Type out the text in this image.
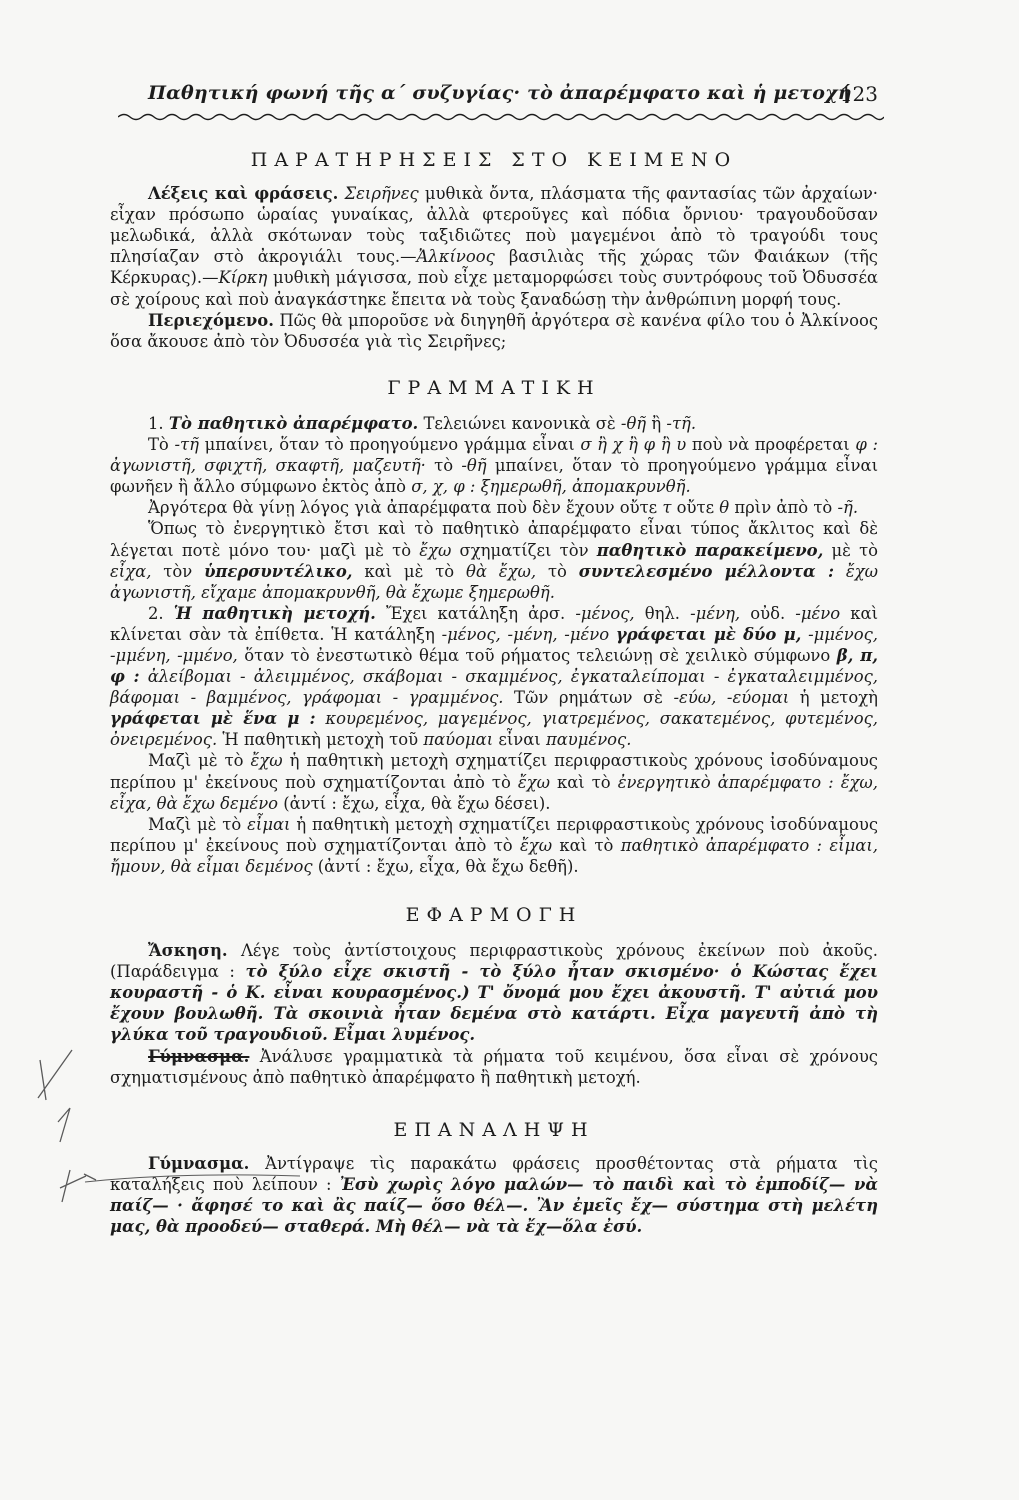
Παθητική φωνή τῆς α΄ συζυγίας· τὸ ἀπαρέμφατο καὶ ἡ μετοχή
123
ΠΑΡΑΤΗΡΗΣΕΙΣ ΣΤΟ ΚΕΙΜΕΝΟ

Λέξεις καὶ φράσεις. Σειρῆνες μυθικὰ ὄντα, πλάσματα τῆς φαντασίας τῶν ἀρχαίων· εἶχαν πρόσωπο ὡραίας γυναίκας, ἀλλὰ φτεροῦγες καὶ πόδια ὄρνιου· τραγουδοῦσαν μελωδικά, ἀλλὰ σκότωναν τοὺς ταξιδιῶτες ποὺ μαγεμένοι ἀπὸ τὸ τραγούδι τους πλησίαζαν στὸ ἀκρογιάλι τους.—Ἀλκίνοος βασιλιὰς τῆς χώρας τῶν Φαιάκων (τῆς Κέρκυρας).—Κίρκη μυθικὴ μάγισσα, ποὺ εἶχε μεταμορφώσει τοὺς συντρόφους τοῦ Ὀδυσσέα σὲ χοίρους καὶ ποὺ ἀναγκάστηκε ἔπειτα νὰ τοὺς ξαναδώσῃ τὴν ἀνθρώπινη μορφή τους.

Περιεχόμενο. Πῶς θὰ μποροῦσε νὰ διηγηθῆ ἀργότερα σὲ κανένα φίλο του ὁ Ἀλκίνοος ὅσα ἄκουσε ἀπὸ τὸν Ὀδυσσέα γιὰ τὶς Σειρῆνες;

ΓΡΑΜΜΑΤΙΚΗ

1. Τὸ παθητικὸ ἀπαρέμφατο. Τελειώνει κανονικὰ σὲ -θῆ ἢ -τῆ.

Τὸ -τῆ μπαίνει, ὅταν τὸ προηγούμενο γράμμα εἶναι σ ἢ χ ἢ φ ἢ υ ποὺ νὰ προφέρεται φ : ἀγωνιστῆ, σφιχτῆ, σκαφτῆ, μαζευτῆ· τὸ -θῆ μπαίνει, ὅταν τὸ προηγούμενο γράμμα εἶναι φωνῆεν ἢ ἄλλο σύμφωνο ἐκτὸς ἀπὸ σ, χ, φ : ξημερωθῆ, ἀπομακρυνθῆ.

Ἀργότερα θὰ γίνῃ λόγος γιὰ ἀπαρέμφατα ποὺ δὲν ἔχουν οὔτε τ οὔτε θ πρὶν ἀπὸ τὸ -ῆ.

Ὅπως τὸ ἐνεργητικὸ ἔτσι καὶ τὸ παθητικὸ ἀπαρέμφατο εἶναι τύπος ἄκλιτος καὶ δὲ λέγεται ποτὲ μόνο του· μαζὶ μὲ τὸ ἔχω σχηματίζει τὸν παθητικὸ παρακείμενο, μὲ τὸ εἶχα, τὸν ὑπερσυντέλικο, καὶ μὲ τὸ θὰ ἔχω, τὸ συντελεσμένο μέλλοντα : ἔχω ἀγωνιστῆ, εἴχαμε ἀπομακρυνθῆ, θὰ ἔχωμε ξημερωθῆ.

2. Ἡ παθητικὴ μετοχή. Ἔχει κατάληξη ἀρσ. -μένος, θηλ. -μένη, οὐδ. -μένο καὶ κλίνεται σὰν τὰ ἐπίθετα. Ἡ κατάληξη -μένος, -μένη, -μένο γράφεται μὲ δύο μ, -μμένος, -μμένη, -μμένο, ὅταν τὸ ἐνεστωτικὸ θέμα τοῦ ρήματος τελειώνῃ σὲ χειλικὸ σύμφωνο β, π, φ : ἀλείβομαι - ἀλειμμένος, σκάβομαι - σκαμμένος, ἐγκαταλείπομαι - ἐγκαταλειμμένος, βάφομαι - βαμμένος, γράφομαι - γραμμένος. Τῶν ρημάτων σὲ -εύω, -εύομαι ἡ μετοχὴ γράφεται μὲ ἕνα μ : κουρεμένος, μαγεμένος, γιατρεμένος, σακατεμένος, φυτεμένος, ὀνειρεμένος. Ἡ παθητικὴ μετοχὴ τοῦ παύομαι εἶναι παυμένος.

Μαζὶ μὲ τὸ ἔχω ἡ παθητικὴ μετοχὴ σχηματίζει περιφραστικοὺς χρόνους ἰσοδύναμους περίπου μ' ἐκείνους ποὺ σχηματίζονται ἀπὸ τὸ ἔχω καὶ τὸ ἐνεργητικὸ ἀπαρέμφατο : ἔχω, εἶχα, θὰ ἔχω δεμένο (ἀντί : ἔχω, εἶχα, θὰ ἔχω δέσει).

Μαζὶ μὲ τὸ εἶμαι ἡ παθητικὴ μετοχὴ σχηματίζει περιφραστικοὺς χρόνους ἰσοδύναμους περίπου μ' ἐκείνους ποὺ σχηματίζονται ἀπὸ τὸ ἔχω καὶ τὸ παθητικὸ ἀπαρέμφατο : εἶμαι, ἤμουν, θὰ εἶμαι δεμένος (ἀντί : ἔχω, εἶχα, θὰ ἔχω δεθῆ).

ΕΦΑΡΜΟΓΗ

Ἄσκηση. Λέγε τοὺς ἀντίστοιχους περιφραστικοὺς χρόνους ἐκείνων ποὺ ἀκοῦς. (Παράδειγμα : τὸ ξύλο εἶχε σκιστῆ - τὸ ξύλο ἦταν σκισμένο· ὁ Κώστας ἔχει κουραστῆ - ὁ Κ. εἶναι κουρασμένος.) Τ' ὄνομά μου ἔχει ἀκουστῆ. Τ' αὐτιά μου ἔχουν βουλωθῆ. Τὰ σκοινιὰ ἦταν δεμένα στὸ κατάρτι. Εἶχα μαγευτῆ ἀπὸ τὴ γλύκα τοῦ τραγουδιοῦ. Εἶμαι λυμένος.

Γύμνασμα. Ἀνάλυσε γραμματικὰ τὰ ρήματα τοῦ κειμένου, ὅσα εἶναι σὲ χρόνους σχηματισμένους ἀπὸ παθητικὸ ἀπαρέμφατο ἢ παθητικὴ μετοχή.

ΕΠΑΝΑΛΗΨΗ

Γύμνασμα. Ἀντίγραψε τὶς παρακάτω φράσεις προσθέτοντας στὰ ρήματα τὶς καταλήξεις ποὺ λείπουν : Ἐσὺ χωρὶς λόγο μαλών— τὸ παιδὶ καὶ τὸ ἐμποδίζ— νὰ παίζ— · ἄφησέ το καὶ ἂς παίζ— ὅσο θέλ—. Ἂν ἐμεῖς ἔχ— σύστημα στὴ μελέτη μας, θὰ προοδεύ— σταθερά. Μὴ θέλ— νὰ τὰ ἔχ—ὅλα ἐσύ.
